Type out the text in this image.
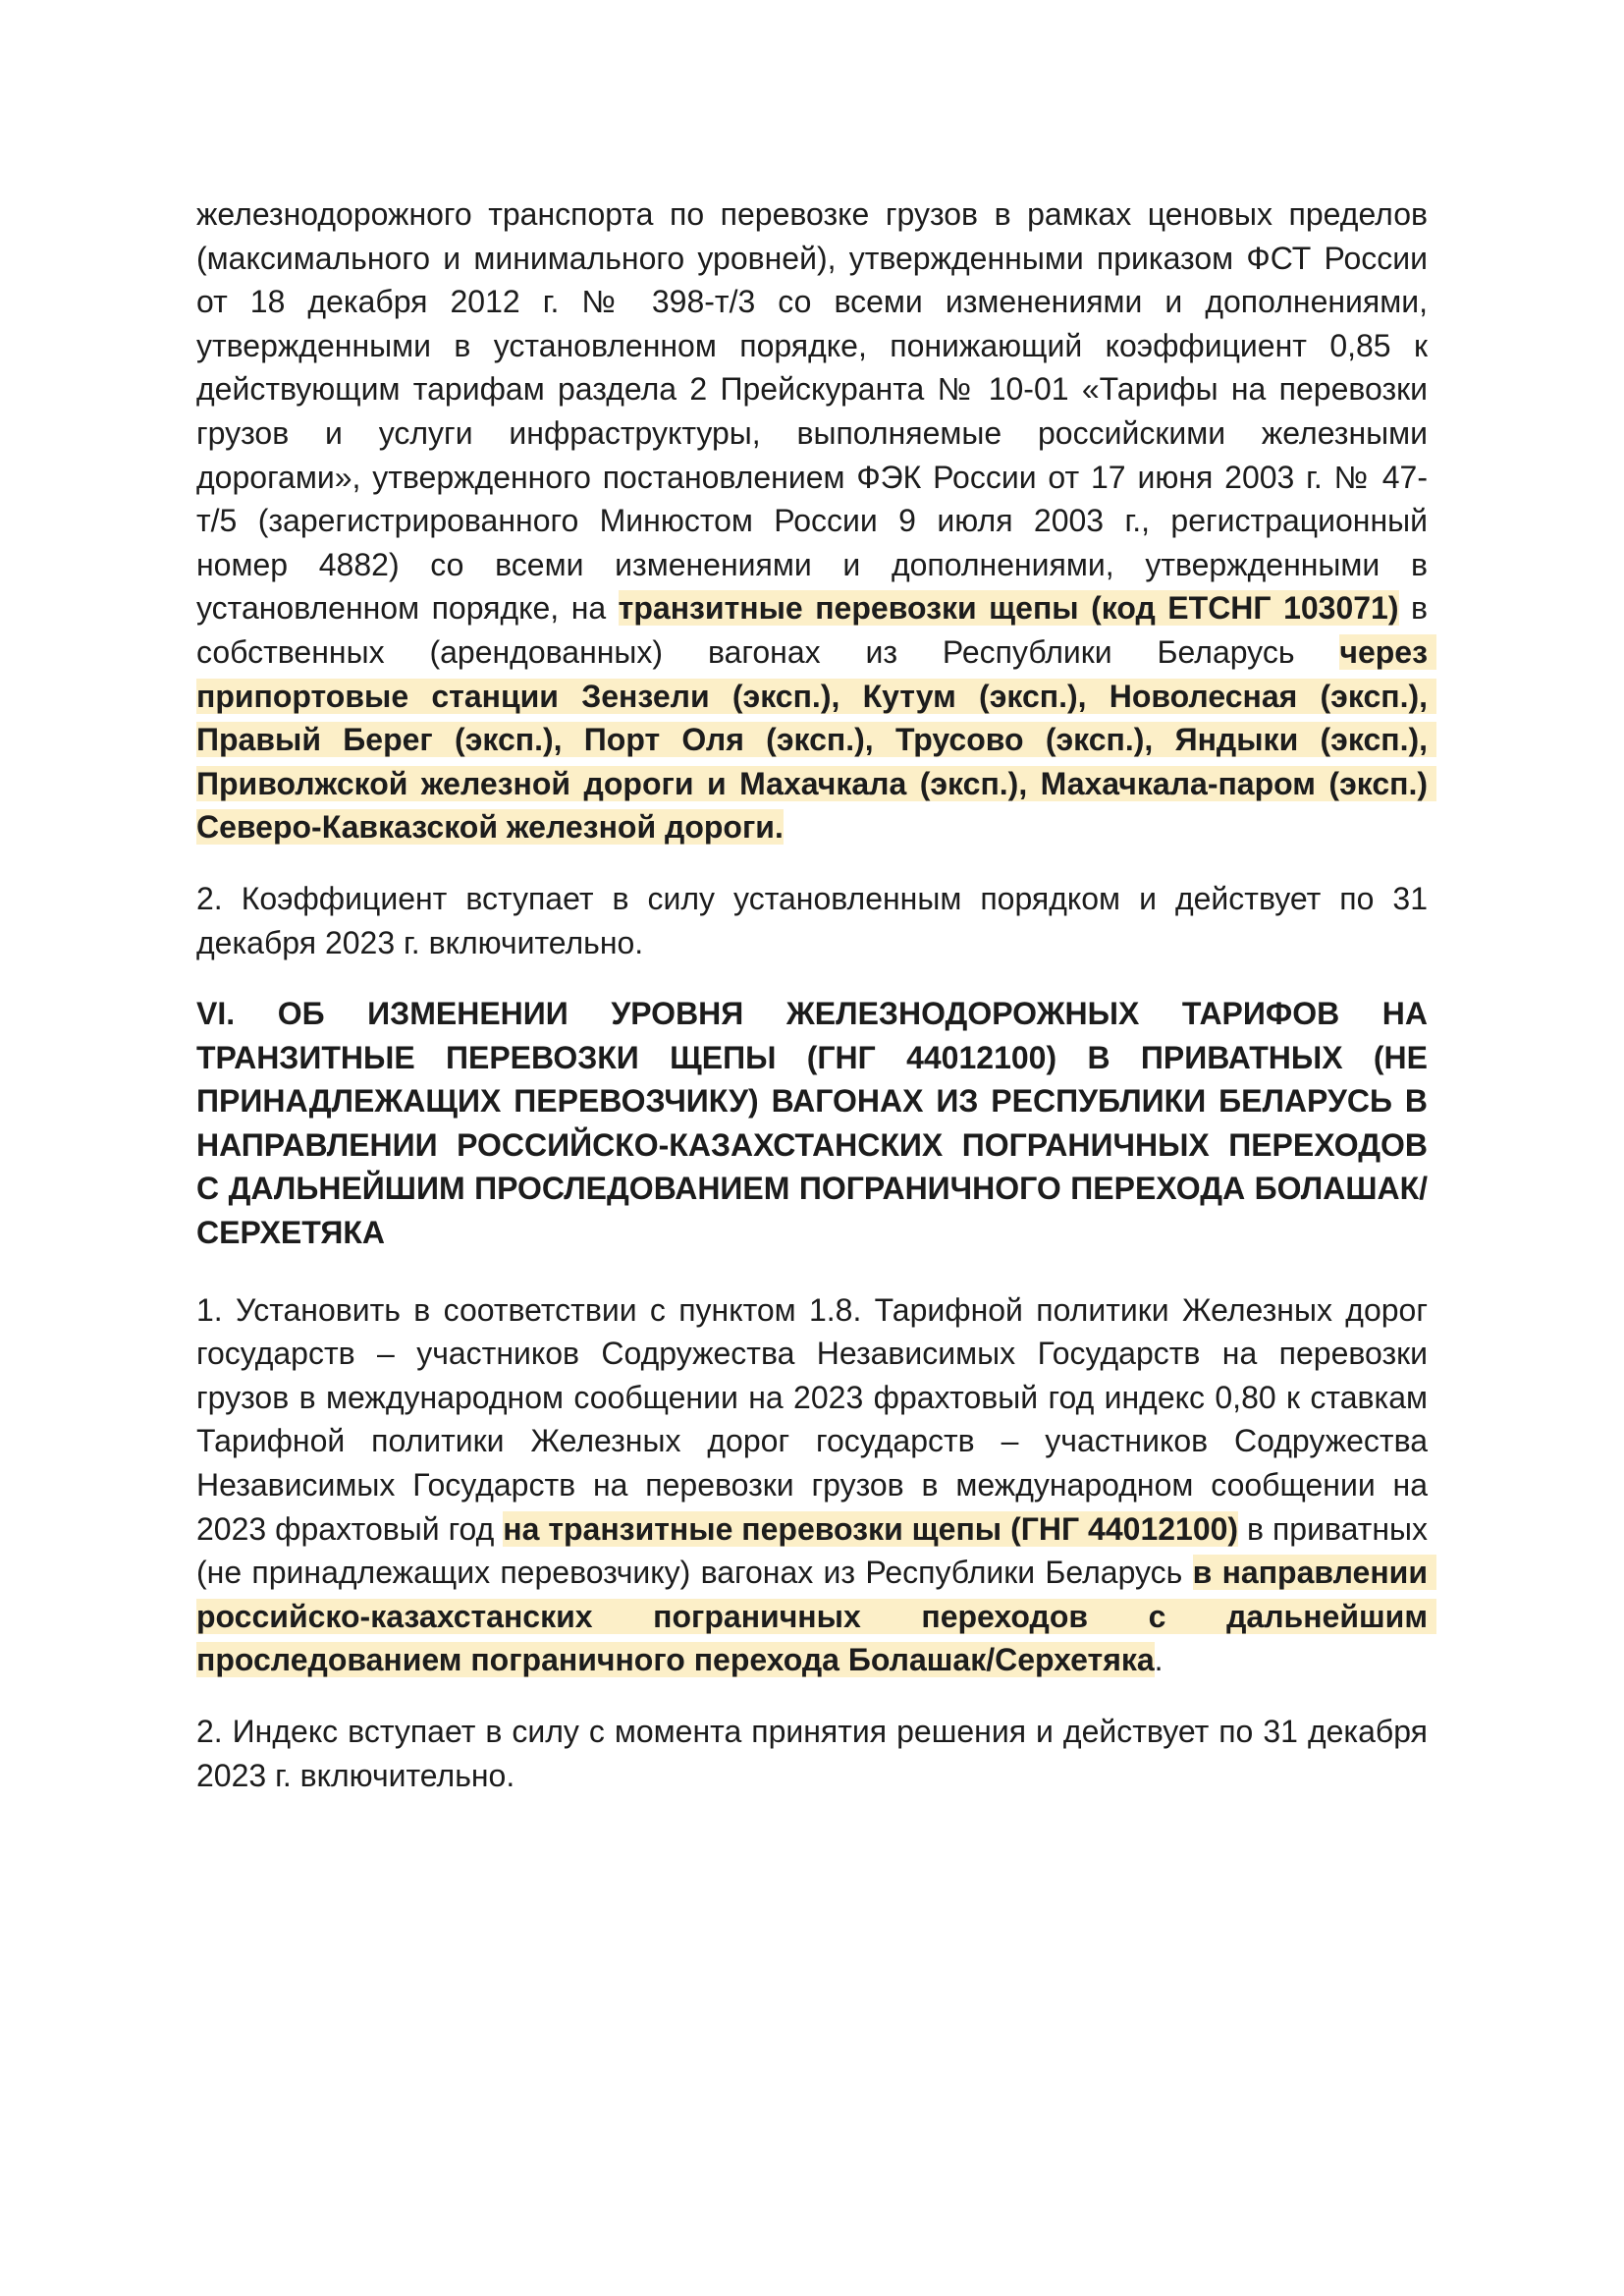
железнодорожного транспорта по перевозке грузов в рамках ценовых пределов (максимального и минимального уровней), утвержденными приказом ФСТ России от 18 декабря 2012 г. № 398-т/3 со всеми изменениями и дополнениями, утвержденными в установленном порядке, понижающий коэффициент 0,85 к действующим тарифам раздела 2 Прейскуранта № 10-01 «Тарифы на перевозки грузов и услуги инфраструктуры, выполняемые российскими железными дорогами», утвержденного постановлением ФЭК России от 17 июня 2003 г. № 47-т/5 (зарегистрированного Минюстом России 9 июля 2003 г., регистрационный номер 4882) со всеми изменениями и дополнениями, утвержденными в установленном порядке, на транзитные перевозки щепы (код ЕТСНГ 103071) в собственных (арендованных) вагонах из Республики Беларусь через припортовые станции Зензели (эксп.), Кутум (эксп.), Новолесная (эксп.), Правый Берег (эксп.), Порт Оля (эксп.), Трусово (эксп.), Яндыки (эксп.), Приволжской железной дороги и Махачкала (эксп.), Махачкала-паром (эксп.) Северо-Кавказской железной дороги.

2. Коэффициент вступает в силу установленным порядком и действует по 31 декабря 2023 г. включительно.

VI. ОБ ИЗМЕНЕНИИ УРОВНЯ ЖЕЛЕЗНОДОРОЖНЫХ ТАРИФОВ НА ТРАНЗИТНЫЕ ПЕРЕВОЗКИ ЩЕПЫ (ГНГ 44012100) В ПРИВАТНЫХ (НЕ ПРИНАДЛЕЖАЩИХ ПЕРЕВОЗЧИКУ) ВАГОНАХ ИЗ РЕСПУБЛИКИ БЕЛАРУСЬ В НАПРАВЛЕНИИ РОССИЙСКО-КАЗАХСТАНСКИХ ПОГРАНИЧНЫХ ПЕРЕХОДОВ С ДАЛЬНЕЙШИМ ПРОСЛЕДОВАНИЕМ ПОГРАНИЧНОГО ПЕРЕХОДА БОЛАШАК/СЕРХЕТЯКА

1. Установить в соответствии с пунктом 1.8. Тарифной политики Железных дорог государств – участников Содружества Независимых Государств на перевозки грузов в международном сообщении на 2023 фрахтовый год индекс 0,80 к ставкам Тарифной политики Железных дорог государств – участников Содружества Независимых Государств на перевозки грузов в международном сообщении на 2023 фрахтовый год на транзитные перевозки щепы (ГНГ 44012100) в приватных (не принадлежащих перевозчику) вагонах из Республики Беларусь в направлении российско-казахстанских пограничных переходов с дальнейшим проследованием пограничного перехода Болашак/Серхетяка.

2. Индекс вступает в силу с момента принятия решения и действует по 31 декабря 2023 г. включительно.
